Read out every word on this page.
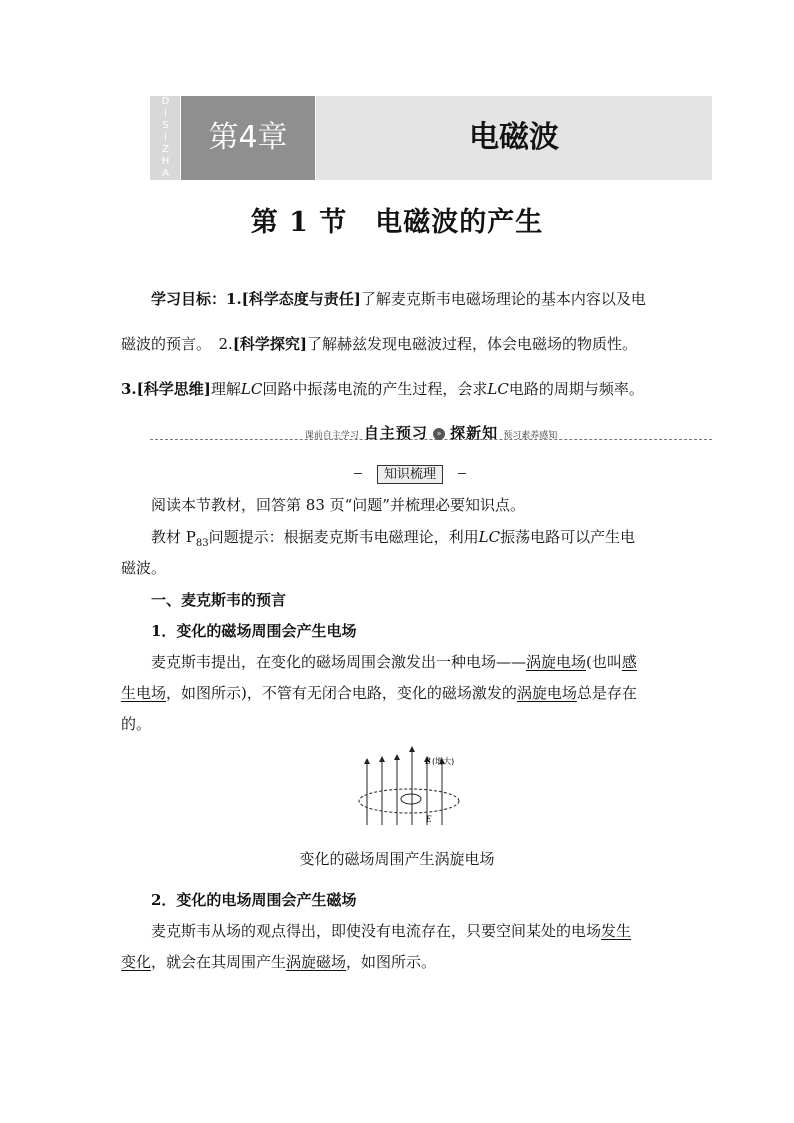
DISIZHANG	第4章	电磁波
第 1 节　电磁波的产生
学习目标：1.[科学态度与责任]了解麦克斯韦电磁场理论的基本内容以及电
磁波的预言。　2.[科学探究]了解赫兹发现电磁波过程，体会电磁场的物质性。
3.[科学思维]理解LC回路中振荡电流的产生过程，会求LC电路的周期与频率。
课前自主学习 自主预习 » 探新知 预习素养感知
知识梳理
阅读本节教材，回答第 83 页“问题”并梳理必要知识点。
教材 $P_{83}$问题提示：根据麦克斯韦电磁理论，利用LC振荡电路可以产生电
磁波。
一、麦克斯韦的预言
1．变化的磁场周围会产生电场
麦克斯韦提出，在变化的磁场周围会激发出一种电场——涡旋电场(也叫感
生电场，如图所示)，不管有无闭合电路，变化的磁场激发的涡旋电场总是存在
的。
B (增大)
E
变化的磁场周围产生涡旋电场
2．变化的电场周围会产生磁场
麦克斯韦从场的观点得出，即使没有电流存在，只要空间某处的电场发生
变化，就会在其周围产生涡旋磁场，如图所示。
